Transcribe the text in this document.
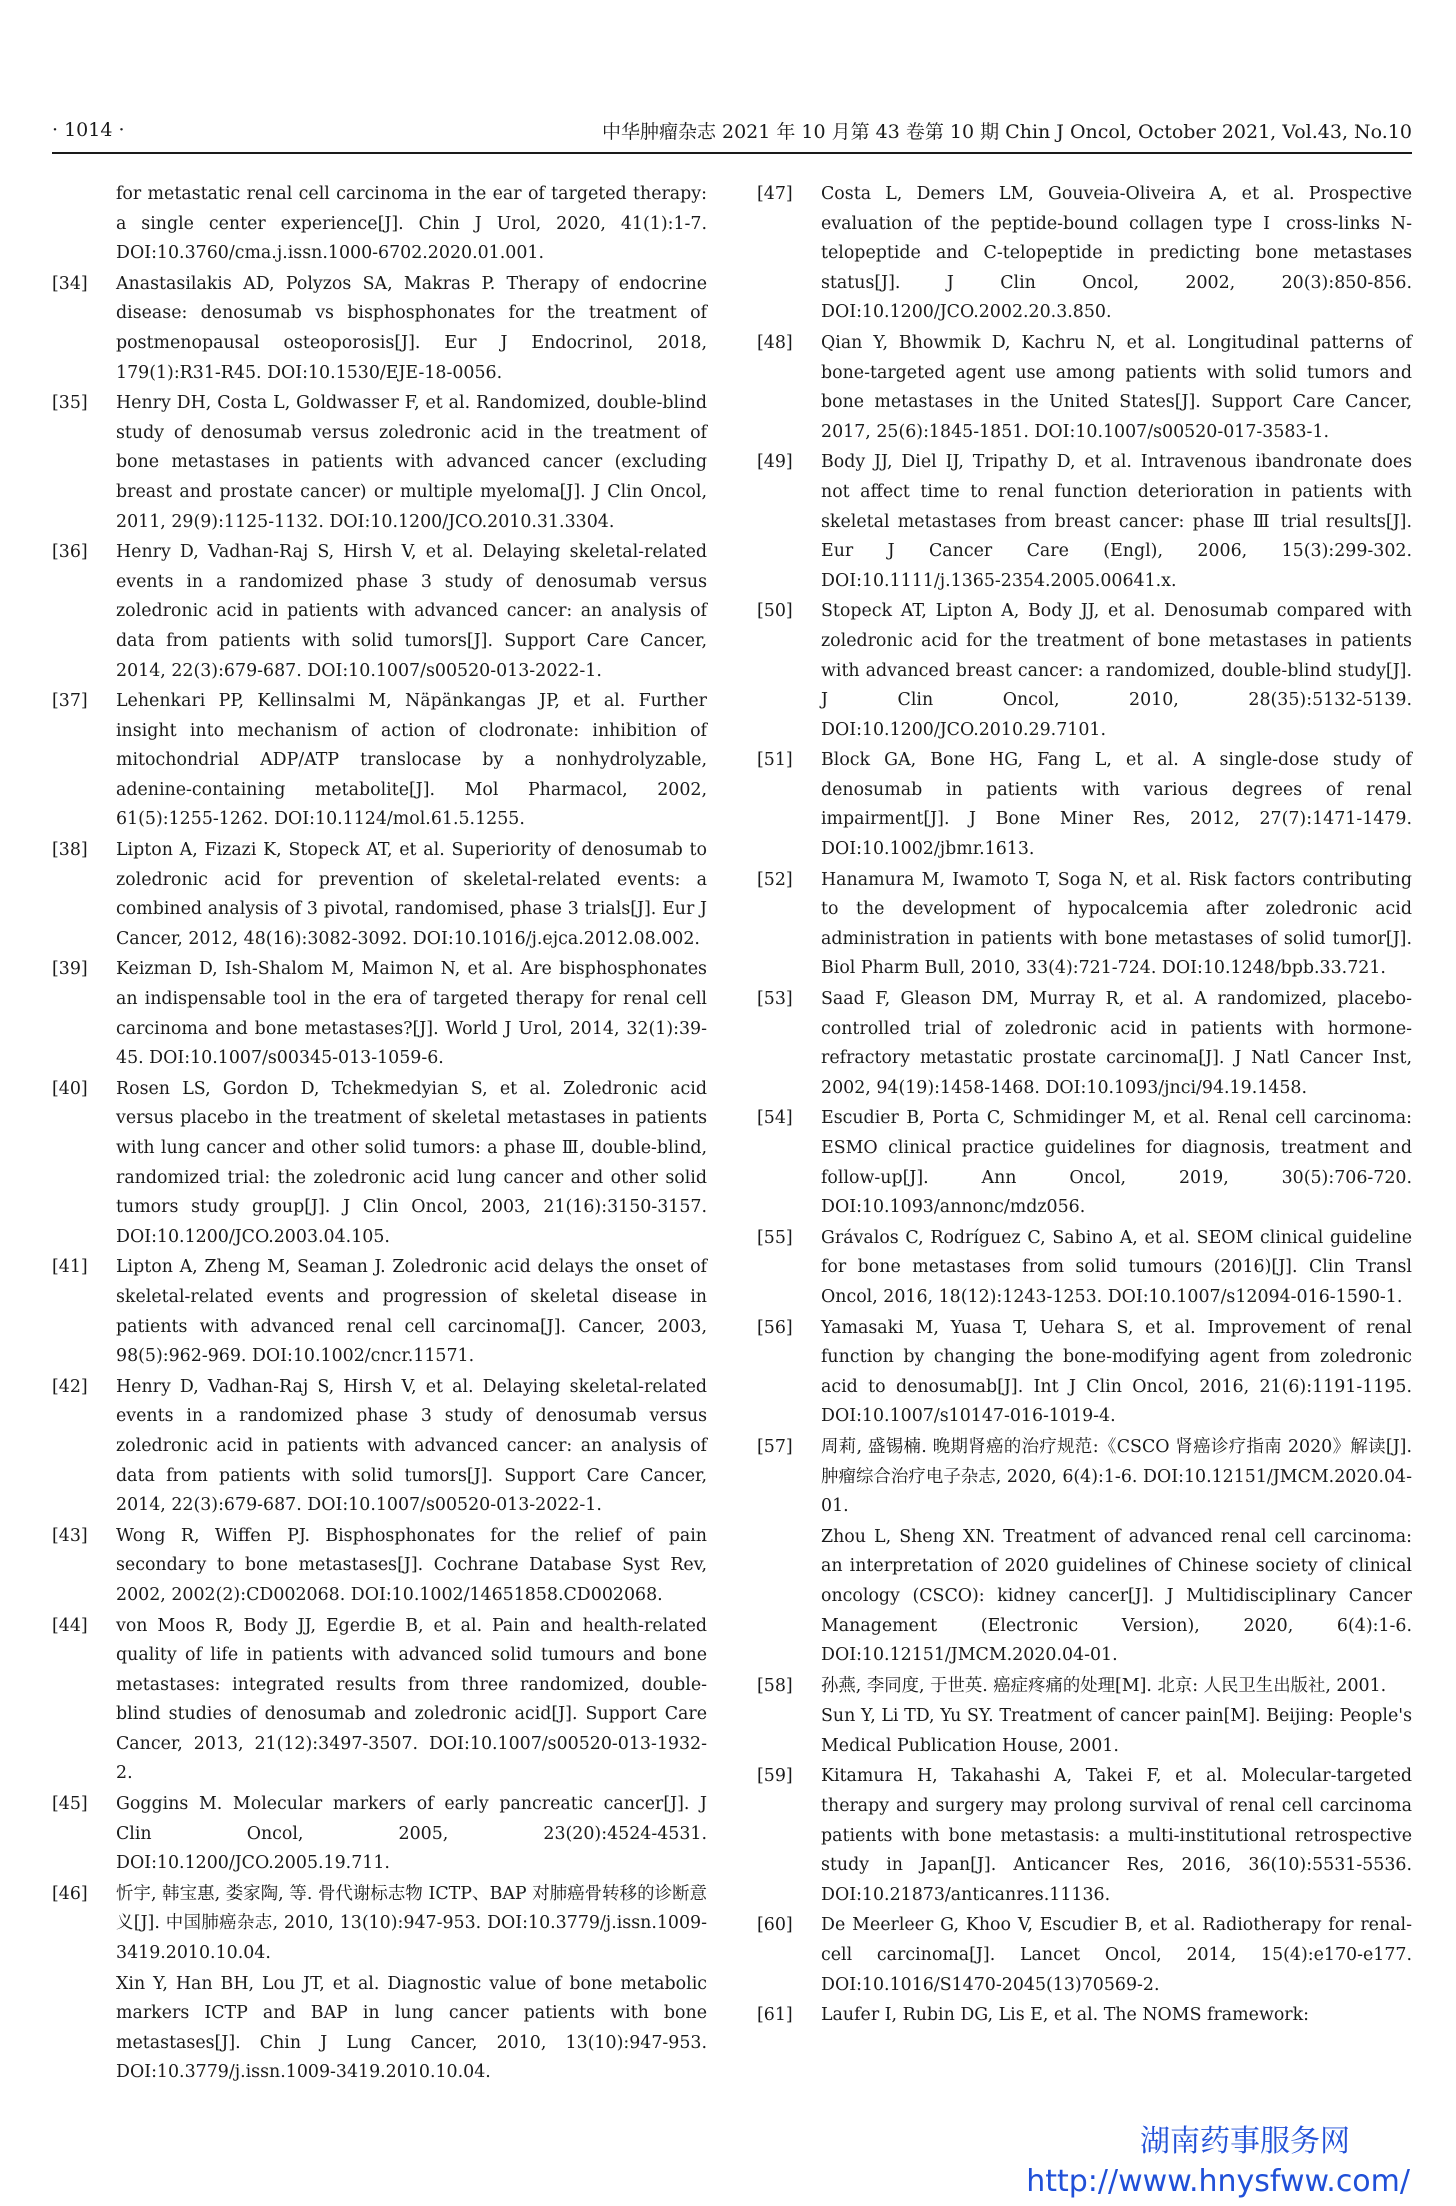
· 1014 ·	中华肿瘤杂志 2021 年 10 月第 43 卷第 10 期 Chin J Oncol, October 2021, Vol.43, No.10
for metastatic renal cell carcinoma in the ear of targeted therapy: a single center experience[J]. Chin J Urol, 2020, 41(1):1-7. DOI:10.3760/cma.j.issn.1000-6702.2020.01.001.
[34]	Anastasilakis AD, Polyzos SA, Makras P. Therapy of endocrine disease: denosumab vs bisphosphonates for the treatment of postmenopausal osteoporosis[J]. Eur J Endocrinol, 2018, 179(1):R31-R45. DOI:10.1530/EJE-18-0056.
[35]	Henry DH, Costa L, Goldwasser F, et al. Randomized, double-blind study of denosumab versus zoledronic acid in the treatment of bone metastases in patients with advanced cancer (excluding breast and prostate cancer) or multiple myeloma[J]. J Clin Oncol, 2011, 29(9):1125-1132. DOI:10.1200/JCO.2010.31.3304.
[36]	Henry D, Vadhan-Raj S, Hirsh V, et al. Delaying skeletal-related events in a randomized phase 3 study of denosumab versus zoledronic acid in patients with advanced cancer: an analysis of data from patients with solid tumors[J]. Support Care Cancer, 2014, 22(3):679-687. DOI:10.1007/s00520-013-2022-1.
[37]	Lehenkari PP, Kellinsalmi M, Näpänkangas JP, et al. Further insight into mechanism of action of clodronate: inhibition of mitochondrial ADP/ATP translocase by a nonhydrolyzable, adenine-containing metabolite[J]. Mol Pharmacol, 2002, 61(5):1255-1262. DOI:10.1124/mol.61.5.1255.
[38]	Lipton A, Fizazi K, Stopeck AT, et al. Superiority of denosumab to zoledronic acid for prevention of skeletal-related events: a combined analysis of 3 pivotal, randomised, phase 3 trials[J]. Eur J Cancer, 2012, 48(16):3082-3092. DOI:10.1016/j.ejca.2012.08.002.
[39]	Keizman D, Ish-Shalom M, Maimon N, et al. Are bisphosphonates an indispensable tool in the era of targeted therapy for renal cell carcinoma and bone metastases?[J]. World J Urol, 2014, 32(1):39-45. DOI:10.1007/s00345-013-1059-6.
[40]	Rosen LS, Gordon D, Tchekmedyian S, et al. Zoledronic acid versus placebo in the treatment of skeletal metastases in patients with lung cancer and other solid tumors: a phase Ⅲ, double-blind, randomized trial: the zoledronic acid lung cancer and other solid tumors study group[J]. J Clin Oncol, 2003, 21(16):3150-3157. DOI:10.1200/JCO.2003.04.105.
[41]	Lipton A, Zheng M, Seaman J. Zoledronic acid delays the onset of skeletal-related events and progression of skeletal disease in patients with advanced renal cell carcinoma[J]. Cancer, 2003, 98(5):962-969. DOI:10.1002/cncr.11571.
[42]	Henry D, Vadhan-Raj S, Hirsh V, et al. Delaying skeletal-related events in a randomized phase 3 study of denosumab versus zoledronic acid in patients with advanced cancer: an analysis of data from patients with solid tumors[J]. Support Care Cancer, 2014, 22(3):679-687. DOI:10.1007/s00520-013-2022-1.
[43]	Wong R, Wiffen PJ. Bisphosphonates for the relief of pain secondary to bone metastases[J]. Cochrane Database Syst Rev, 2002, 2002(2):CD002068. DOI:10.1002/14651858.CD002068.
[44]	von Moos R, Body JJ, Egerdie B, et al. Pain and health-related quality of life in patients with advanced solid tumours and bone metastases: integrated results from three randomized, double-blind studies of denosumab and zoledronic acid[J]. Support Care Cancer, 2013, 21(12):3497-3507. DOI:10.1007/s00520-013-1932-2.
[45]	Goggins M. Molecular markers of early pancreatic cancer[J]. J Clin Oncol, 2005, 23(20):4524-4531. DOI:10.1200/JCO.2005.19.711.
[46]	忻宇, 韩宝惠, 娄家陶, 等. 骨代谢标志物 ICTP、BAP 对肺癌骨转移的诊断意义[J]. 中国肺癌杂志, 2010, 13(10):947-953. DOI:10.3779/j.issn.1009-3419.2010.10.04.
Xin Y, Han BH, Lou JT, et al. Diagnostic value of bone metabolic markers ICTP and BAP in lung cancer patients with bone metastases[J]. Chin J Lung Cancer, 2010, 13(10):947-953. DOI:10.3779/j.issn.1009-3419.2010.10.04.
[47]	Costa L, Demers LM, Gouveia-Oliveira A, et al. Prospective evaluation of the peptide-bound collagen type Ⅰ cross-links N-telopeptide and C-telopeptide in predicting bone metastases status[J]. J Clin Oncol, 2002, 20(3):850-856. DOI:10.1200/JCO.2002.20.3.850.
[48]	Qian Y, Bhowmik D, Kachru N, et al. Longitudinal patterns of bone-targeted agent use among patients with solid tumors and bone metastases in the United States[J]. Support Care Cancer, 2017, 25(6):1845-1851. DOI:10.1007/s00520-017-3583-1.
[49]	Body JJ, Diel IJ, Tripathy D, et al. Intravenous ibandronate does not affect time to renal function deterioration in patients with skeletal metastases from breast cancer: phase Ⅲ trial results[J]. Eur J Cancer Care (Engl), 2006, 15(3):299-302. DOI:10.1111/j.1365-2354.2005.00641.x.
[50]	Stopeck AT, Lipton A, Body JJ, et al. Denosumab compared with zoledronic acid for the treatment of bone metastases in patients with advanced breast cancer: a randomized, double-blind study[J]. J Clin Oncol, 2010, 28(35):5132-5139. DOI:10.1200/JCO.2010.29.7101.
[51]	Block GA, Bone HG, Fang L, et al. A single-dose study of denosumab in patients with various degrees of renal impairment[J]. J Bone Miner Res, 2012, 27(7):1471-1479. DOI:10.1002/jbmr.1613.
[52]	Hanamura M, Iwamoto T, Soga N, et al. Risk factors contributing to the development of hypocalcemia after zoledronic acid administration in patients with bone metastases of solid tumor[J]. Biol Pharm Bull, 2010, 33(4):721-724. DOI:10.1248/bpb.33.721.
[53]	Saad F, Gleason DM, Murray R, et al. A randomized, placebo-controlled trial of zoledronic acid in patients with hormone-refractory metastatic prostate carcinoma[J]. J Natl Cancer Inst, 2002, 94(19):1458-1468. DOI:10.1093/jnci/94.19.1458.
[54]	Escudier B, Porta C, Schmidinger M, et al. Renal cell carcinoma: ESMO clinical practice guidelines for diagnosis, treatment and follow-up[J]. Ann Oncol, 2019, 30(5):706-720. DOI:10.1093/annonc/mdz056.
[55]	Grávalos C, Rodríguez C, Sabino A, et al. SEOM clinical guideline for bone metastases from solid tumours (2016)[J]. Clin Transl Oncol, 2016, 18(12):1243-1253. DOI:10.1007/s12094-016-1590-1.
[56]	Yamasaki M, Yuasa T, Uehara S, et al. Improvement of renal function by changing the bone-modifying agent from zoledronic acid to denosumab[J]. Int J Clin Oncol, 2016, 21(6):1191-1195. DOI:10.1007/s10147-016-1019-4.
[57]	周莉, 盛锡楠. 晚期肾癌的治疗规范:《CSCO 肾癌诊疗指南 2020》解读[J]. 肿瘤综合治疗电子杂志, 2020, 6(4):1-6. DOI:10.12151/JMCM.2020.04-01.
Zhou L, Sheng XN. Treatment of advanced renal cell carcinoma: an interpretation of 2020 guidelines of Chinese society of clinical oncology (CSCO): kidney cancer[J]. J Multidisciplinary Cancer Management (Electronic Version), 2020, 6(4):1-6. DOI:10.12151/JMCM.2020.04-01.
[58]	孙燕, 李同度, 于世英. 癌症疼痛的处理[M]. 北京: 人民卫生出版社, 2001.
Sun Y, Li TD, Yu SY. Treatment of cancer pain[M]. Beijing: People's Medical Publication House, 2001.
[59]	Kitamura H, Takahashi A, Takei F, et al. Molecular-targeted therapy and surgery may prolong survival of renal cell carcinoma patients with bone metastasis: a multi-institutional retrospective study in Japan[J]. Anticancer Res, 2016, 36(10):5531-5536. DOI:10.21873/anticanres.11136.
[60]	De Meerleer G, Khoo V, Escudier B, et al. Radiotherapy for renal-cell carcinoma[J]. Lancet Oncol, 2014, 15(4):e170-e177. DOI:10.1016/S1470-2045(13)70569-2.
[61]	Laufer I, Rubin DG, Lis E, et al. The NOMS framework:
湖南药事服务网
http://www.hnysfww.com/
